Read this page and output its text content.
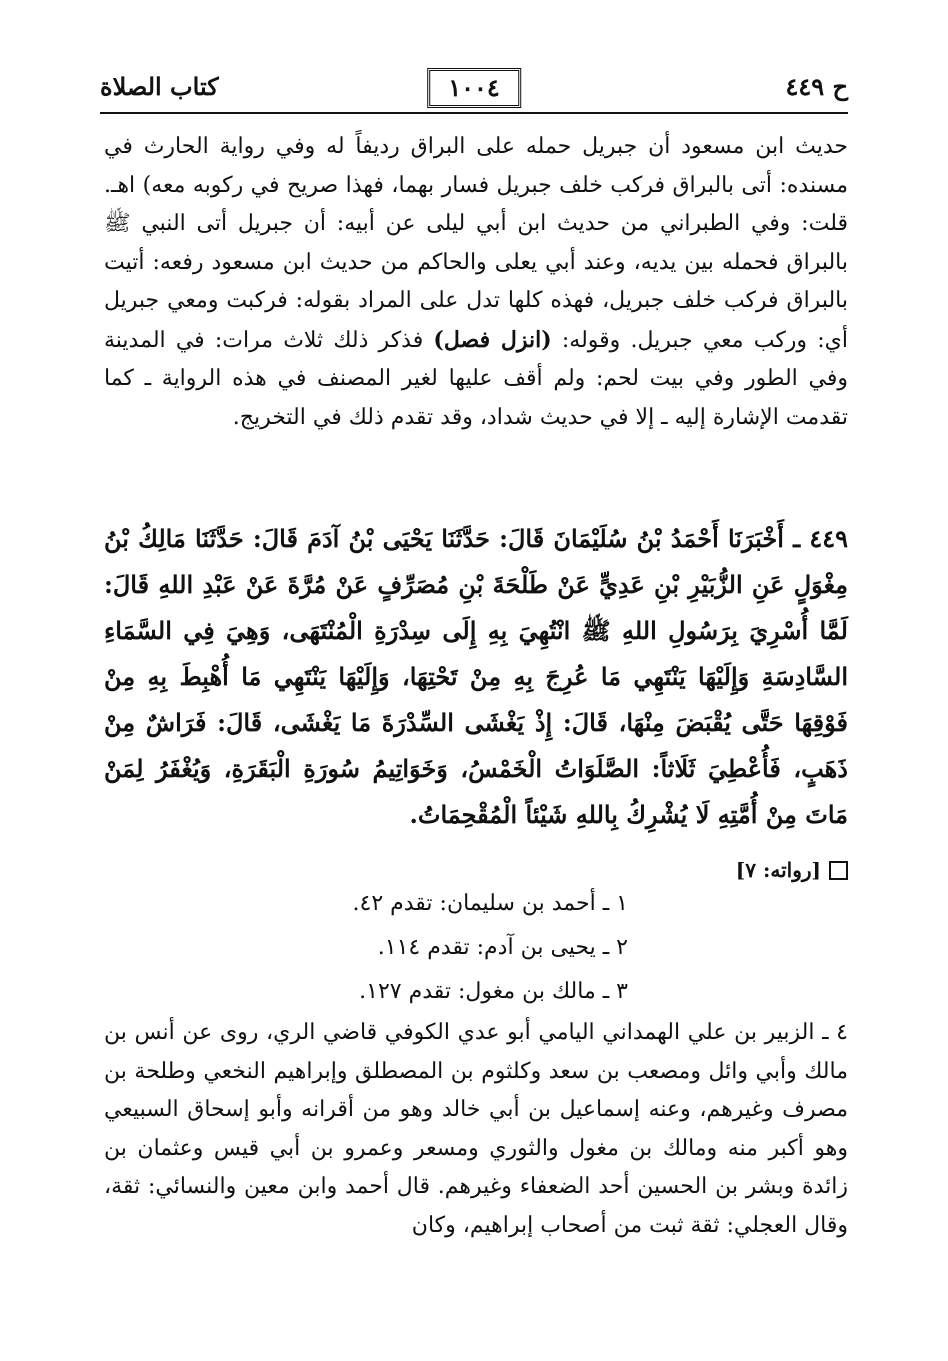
ح ٤٤٩
١٠٠٤
كتاب الصلاة

حديث ابن مسعود أن جبريل حمله على البراق رديفاً له وفي رواية الحارث في مسنده: أتى بالبراق فركب خلف جبريل فسار بهما، فهذا صريح في ركوبه معه) اهـ. قلت: وفي الطبراني من حديث ابن أبي ليلى عن أبيه: أن جبريل أتى النبي ﷺ بالبراق فحمله بين يديه، وعند أبي يعلى والحاكم من حديث ابن مسعود رفعه: أتيت بالبراق فركب خلف جبريل، فهذه كلها تدل على المراد بقوله: فركبت ومعي جبريل أي: وركب معي جبريل. وقوله: (انزل فصل) فذكر ذلك ثلاث مرات: في المدينة وفي الطور وفي بيت لحم: ولم أقف عليها لغير المصنف في هذه الرواية ـ كما تقدمت الإشارة إليه ـ إلا في حديث شداد، وقد تقدم ذلك في التخريج.

٤٤٩ ـ أَخْبَرَنَا أَحْمَدُ بْنُ سُلَيْمَانَ قَالَ: حَدَّثَنَا يَحْيَى بْنُ آدَمَ قَالَ: حَدَّثَنَا مَالِكُ بْنُ مِغْوَلٍ عَنِ الزُّبَيْرِ بْنِ عَدِيٍّ عَنْ طَلْحَةَ بْنِ مُصَرِّفٍ عَنْ مُرَّةَ عَنْ عَبْدِ اللهِ قَالَ: لَمَّا أُسْرِيَ بِرَسُولِ اللهِ ﷺ انْتُهِيَ بِهِ إِلَى سِدْرَةِ الْمُنْتَهَى، وَهِيَ فِي السَّمَاءِ السَّادِسَةِ وَإِلَيْهَا يَنْتَهِي مَا عُرِجَ بِهِ مِنْ تَحْتِهَا، وَإِلَيْهَا يَنْتَهِي مَا أُهْبِطَ بِهِ مِنْ فَوْقِهَا حَتَّى يُقْبَضَ مِنْهَا، قَالَ: إِذْ يَغْشَى السِّدْرَةَ مَا يَغْشَى، قَالَ: فَرَاشٌ مِنْ ذَهَبٍ، فَأُعْطِيَ ثَلَاثاً: الصَّلَوَاتُ الْخَمْسُ، وَخَوَاتِيمُ سُورَةِ الْبَقَرَةِ، وَيُغْفَرُ لِمَنْ مَاتَ مِنْ أُمَّتِهِ لَا يُشْرِكُ بِاللهِ شَيْئاً الْمُقْحِمَاتُ.

[رواته: ٧]
١ ـ أحمد بن سليمان: تقدم ٤٢.
٢ ـ يحيى بن آدم: تقدم ١١٤.
٣ ـ مالك بن مغول: تقدم ١٢٧.

٤ ـ الزبير بن علي الهمداني اليامي أبو عدي الكوفي قاضي الري، روى عن أنس بن مالك وأبي وائل ومصعب بن سعد وكلثوم بن المصطلق وإبراهيم النخعي وطلحة بن مصرف وغيرهم، وعنه إسماعيل بن أبي خالد وهو من أقرانه وأبو إسحاق السبيعي وهو أكبر منه ومالك بن مغول والثوري ومسعر وعمرو بن أبي قيس وعثمان بن زائدة وبشر بن الحسين أحد الضعفاء وغيرهم. قال أحمد وابن معين والنسائي: ثقة، وقال العجلي: ثقة ثبت من أصحاب إبراهيم، وكان
